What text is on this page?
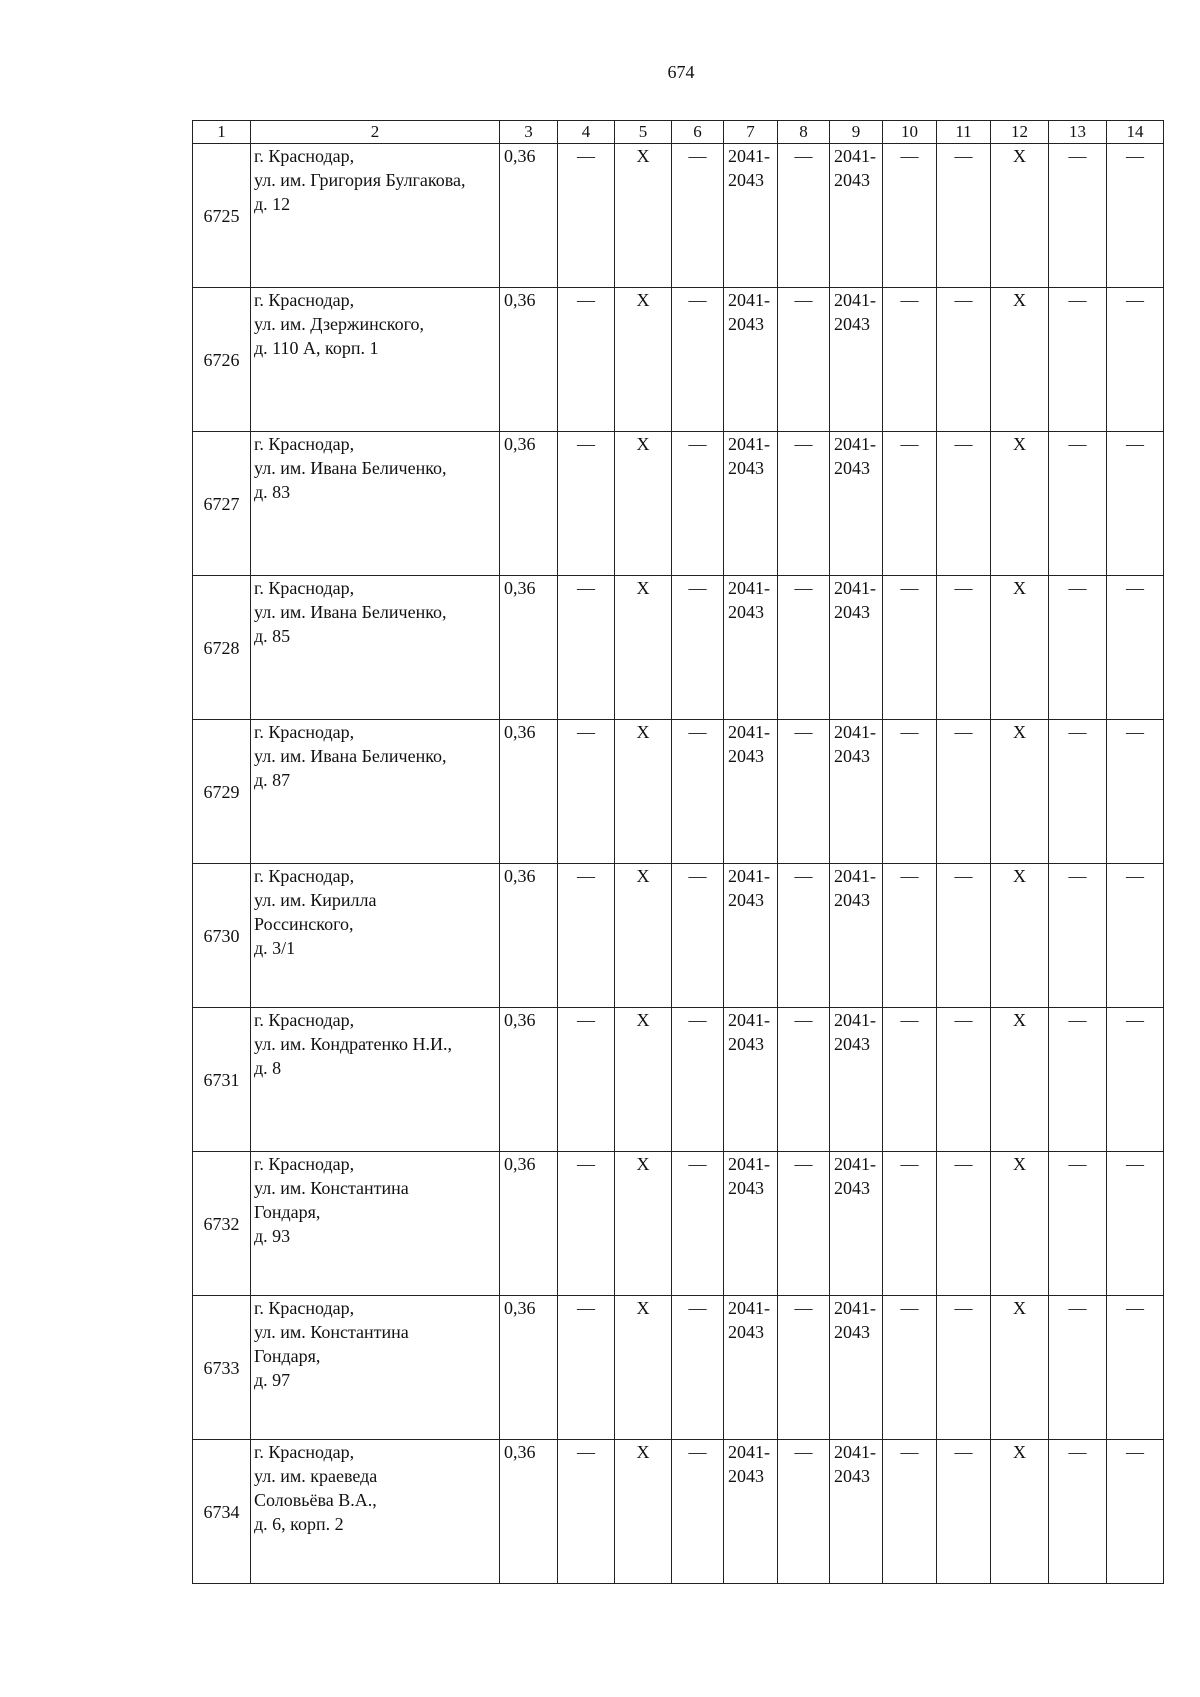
674
1	2	3	4	5	6	7	8	9	10	11	12	13	14
6725	г. Краснодар,
ул. им. Григория Булгакова,
д. 12	0,36	—	Х	—	2041-
2043	—	2041-
2043	—	—	Х	—	—
6726	г. Краснодар,
ул. им. Дзержинского,
д. 110 А, корп. 1	0,36	—	Х	—	2041-
2043	—	2041-
2043	—	—	Х	—	—
6727	г. Краснодар,
ул. им. Ивана Беличенко,
д. 83	0,36	—	Х	—	2041-
2043	—	2041-
2043	—	—	Х	—	—
6728	г. Краснодар,
ул. им. Ивана Беличенко,
д. 85	0,36	—	Х	—	2041-
2043	—	2041-
2043	—	—	Х	—	—
6729	г. Краснодар,
ул. им. Ивана Беличенко,
д. 87	0,36	—	Х	—	2041-
2043	—	2041-
2043	—	—	Х	—	—
6730	г. Краснодар,
ул. им. Кирилла
Россинского,
д. 3/1	0,36	—	Х	—	2041-
2043	—	2041-
2043	—	—	Х	—	—
6731	г. Краснодар,
ул. им. Кондратенко Н.И.,
д. 8	0,36	—	Х	—	2041-
2043	—	2041-
2043	—	—	Х	—	—
6732	г. Краснодар,
ул. им. Константина
Гондаря,
д. 93	0,36	—	Х	—	2041-
2043	—	2041-
2043	—	—	Х	—	—
6733	г. Краснодар,
ул. им. Константина
Гондаря,
д. 97	0,36	—	Х	—	2041-
2043	—	2041-
2043	—	—	Х	—	—
6734	г. Краснодар,
ул. им. краеведа
Соловьёва В.А.,
д. 6, корп. 2	0,36	—	Х	—	2041-
2043	—	2041-
2043	—	—	Х	—	—
